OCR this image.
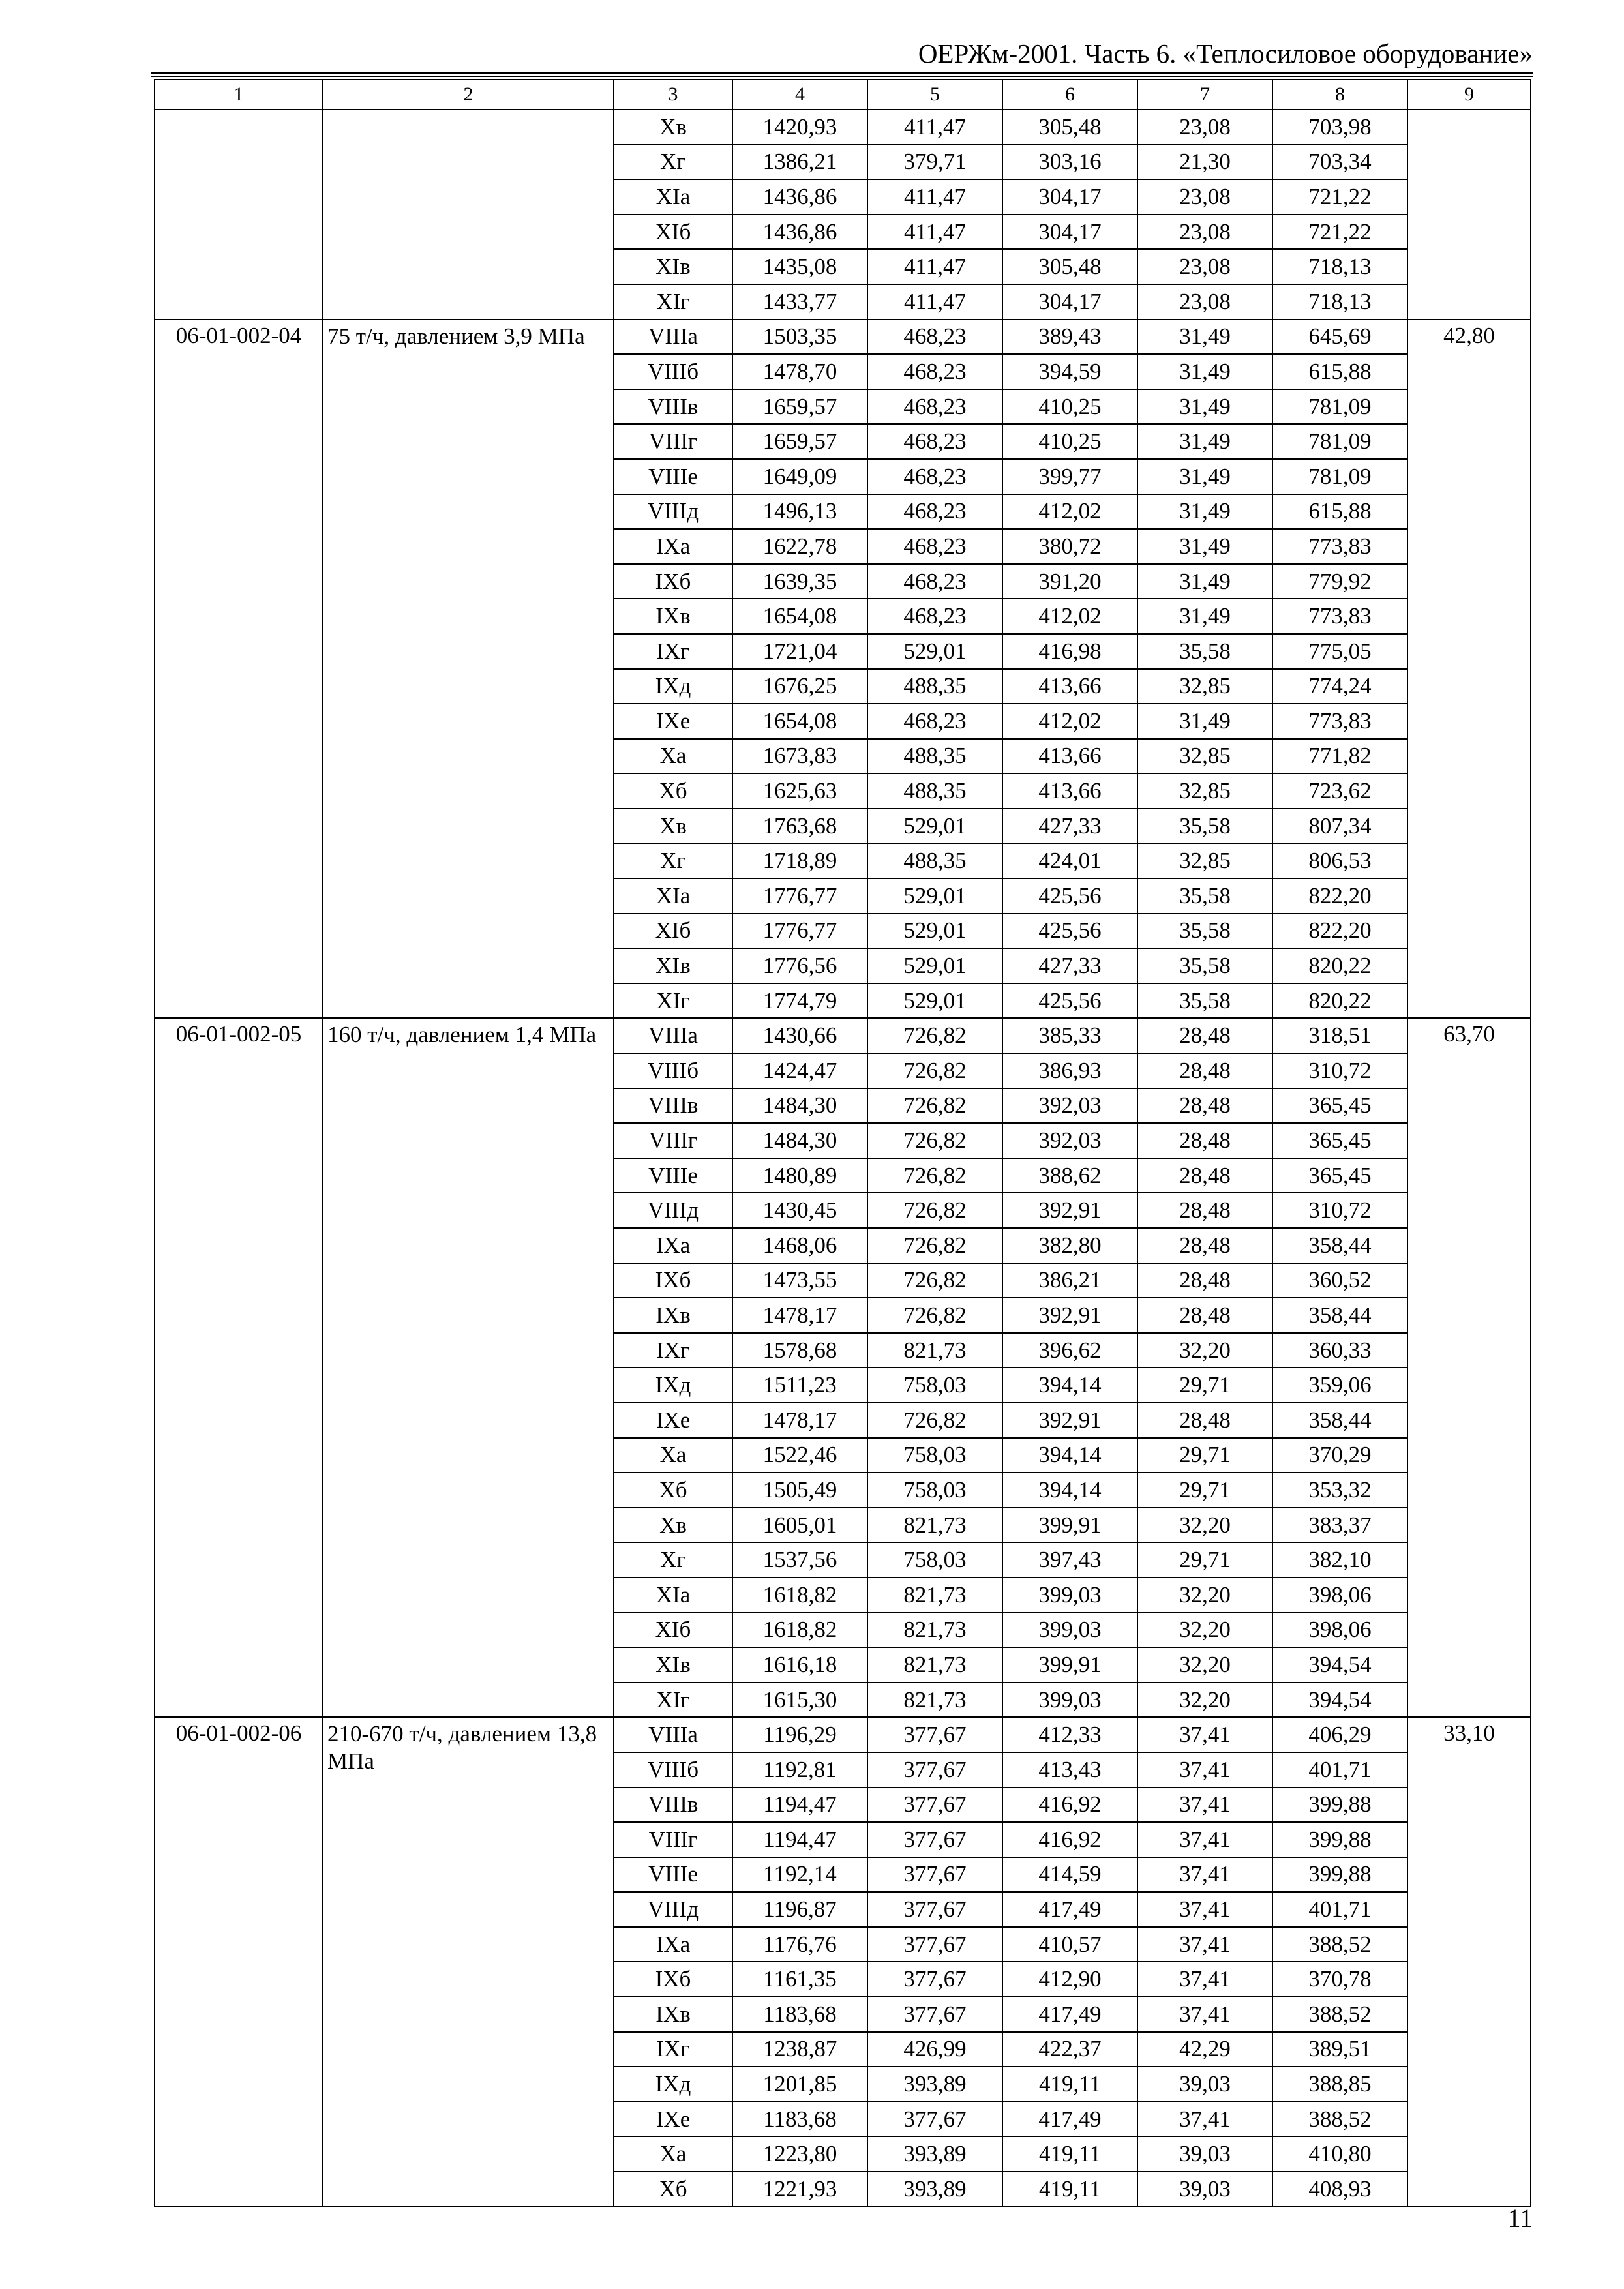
ОЕРЖм-2001. Часть 6. «Теплосиловое оборудование»
1	2	3	4	5	6	7	8	9
		Хв	1420,93	411,47	305,48	23,08	703,98	
		Хг	1386,21	379,71	303,16	21,30	703,34	
		XIa	1436,86	411,47	304,17	23,08	721,22	
		XIб	1436,86	411,47	304,17	23,08	721,22	
		XIв	1435,08	411,47	305,48	23,08	718,13	
		XIг	1433,77	411,47	304,17	23,08	718,13	
06-01-002-04	75 т/ч, давлением 3,9 МПа	VIIIa	1503,35	468,23	389,43	31,49	645,69	42,80
		VIIIб	1478,70	468,23	394,59	31,49	615,88	
		VIIIв	1659,57	468,23	410,25	31,49	781,09	
		VIIIг	1659,57	468,23	410,25	31,49	781,09	
		VIIIe	1649,09	468,23	399,77	31,49	781,09	
		VIIIд	1496,13	468,23	412,02	31,49	615,88	
		IXa	1622,78	468,23	380,72	31,49	773,83	
		IXб	1639,35	468,23	391,20	31,49	779,92	
		IXв	1654,08	468,23	412,02	31,49	773,83	
		IXг	1721,04	529,01	416,98	35,58	775,05	
		IXд	1676,25	488,35	413,66	32,85	774,24	
		IXe	1654,08	468,23	412,02	31,49	773,83	
		Xa	1673,83	488,35	413,66	32,85	771,82	
		Хб	1625,63	488,35	413,66	32,85	723,62	
		Хв	1763,68	529,01	427,33	35,58	807,34	
		Хг	1718,89	488,35	424,01	32,85	806,53	
		XIa	1776,77	529,01	425,56	35,58	822,20	
		XIб	1776,77	529,01	425,56	35,58	822,20	
		XIв	1776,56	529,01	427,33	35,58	820,22	
		XIг	1774,79	529,01	425,56	35,58	820,22	
06-01-002-05	160 т/ч, давлением 1,4 МПа	VIIIa	1430,66	726,82	385,33	28,48	318,51	63,70
		VIIIб	1424,47	726,82	386,93	28,48	310,72	
		VIIIв	1484,30	726,82	392,03	28,48	365,45	
		VIIIг	1484,30	726,82	392,03	28,48	365,45	
		VIIIe	1480,89	726,82	388,62	28,48	365,45	
		VIIIд	1430,45	726,82	392,91	28,48	310,72	
		IXa	1468,06	726,82	382,80	28,48	358,44	
		IXб	1473,55	726,82	386,21	28,48	360,52	
		IXв	1478,17	726,82	392,91	28,48	358,44	
		IXг	1578,68	821,73	396,62	32,20	360,33	
		IXд	1511,23	758,03	394,14	29,71	359,06	
		IXe	1478,17	726,82	392,91	28,48	358,44	
		Xa	1522,46	758,03	394,14	29,71	370,29	
		Хб	1505,49	758,03	394,14	29,71	353,32	
		Хв	1605,01	821,73	399,91	32,20	383,37	
		Хг	1537,56	758,03	397,43	29,71	382,10	
		XIa	1618,82	821,73	399,03	32,20	398,06	
		XIб	1618,82	821,73	399,03	32,20	398,06	
		XIв	1616,18	821,73	399,91	32,20	394,54	
		XIг	1615,30	821,73	399,03	32,20	394,54	
06-01-002-06	210-670 т/ч, давлением 13,8 МПа	VIIIa	1196,29	377,67	412,33	37,41	406,29	33,10
		VIIIб	1192,81	377,67	413,43	37,41	401,71	
		VIIIв	1194,47	377,67	416,92	37,41	399,88	
		VIIIг	1194,47	377,67	416,92	37,41	399,88	
		VIIIe	1192,14	377,67	414,59	37,41	399,88	
		VIIIд	1196,87	377,67	417,49	37,41	401,71	
		IXa	1176,76	377,67	410,57	37,41	388,52	
		IXб	1161,35	377,67	412,90	37,41	370,78	
		IXв	1183,68	377,67	417,49	37,41	388,52	
		IXг	1238,87	426,99	422,37	42,29	389,51	
		IXд	1201,85	393,89	419,11	39,03	388,85	
		IXe	1183,68	377,67	417,49	37,41	388,52	
		Xa	1223,80	393,89	419,11	39,03	410,80	
		Хб	1221,93	393,89	419,11	39,03	408,93	
11
